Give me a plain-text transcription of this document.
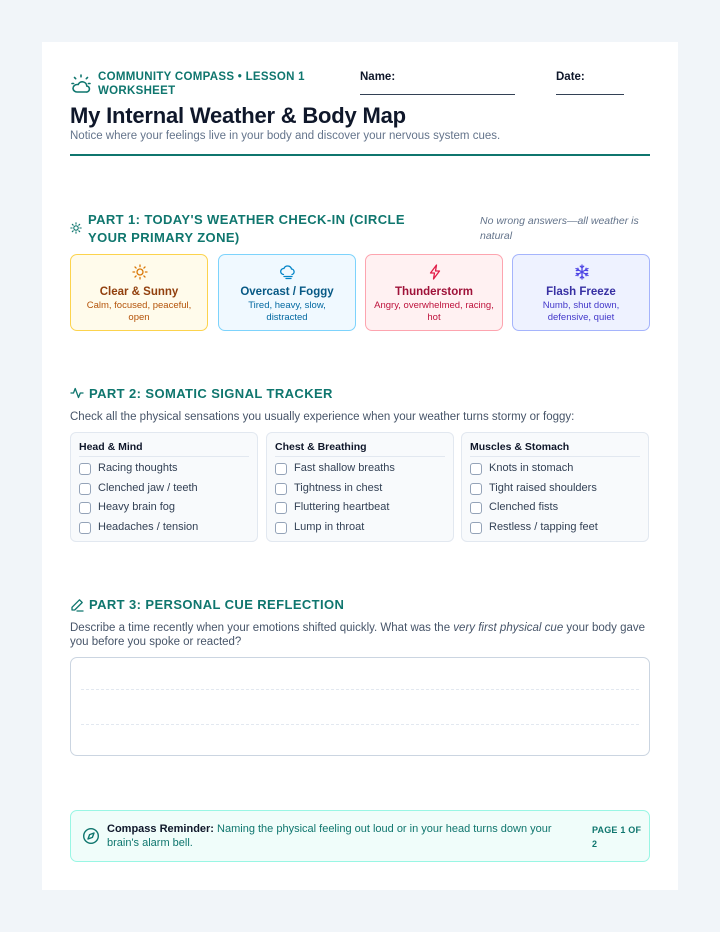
COMMUNITY COMPASS • LESSON 1 WORKSHEET
Name:	Date:
My Internal Weather & Body Map
Notice where your feelings live in your body and discover your nervous system cues.
PART 1: TODAY'S WEATHER CHECK-IN (CIRCLE YOUR PRIMARY ZONE)
No wrong answers—all weather is natural
Clear & Sunny
Calm, focused, peaceful, open
Overcast / Foggy
Tired, heavy, slow, distracted
Thunderstorm
Angry, overwhelmed, racing, hot
Flash Freeze
Numb, shut down, defensive, quiet
PART 2: SOMATIC SIGNAL TRACKER
Check all the physical sensations you usually experience when your weather turns stormy or foggy:
Head & Mind
Racing thoughts
Clenched jaw / teeth
Heavy brain fog
Headaches / tension
Chest & Breathing
Fast shallow breaths
Tightness in chest
Fluttering heartbeat
Lump in throat
Muscles & Stomach
Knots in stomach
Tight raised shoulders
Clenched fists
Restless / tapping feet
PART 3: PERSONAL CUE REFLECTION
Describe a time recently when your emotions shifted quickly. What was the very first physical cue your body gave you before you spoke or reacted?
Compass Reminder: Naming the physical feeling out loud or in your head turns down your brain's alarm bell.
PAGE 1 OF 2
